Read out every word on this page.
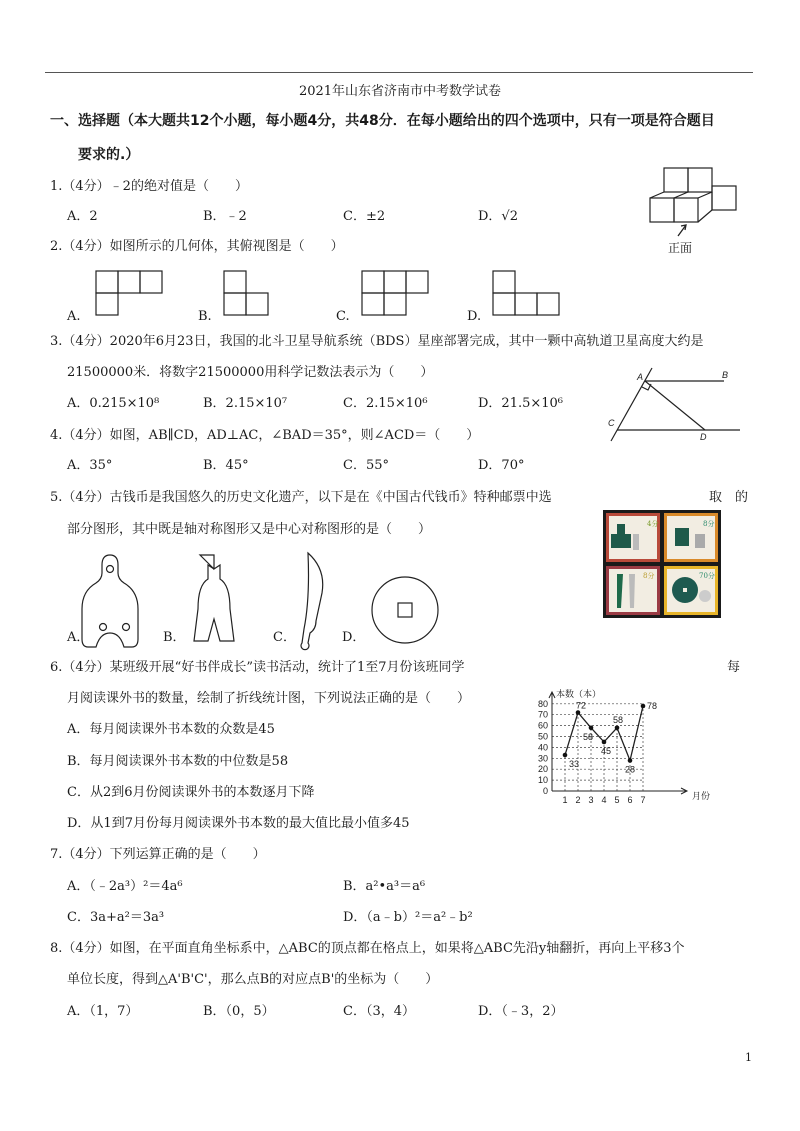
2021年山东省济南市中考数学试卷
一、选择题（本大题共12个小题，每小题4分，共48分．在每小题给出的四个选项中，只有一项是符合题目
要求的.）
1.（4分）﹣2的绝对值是（　　）
A．2	B．﹣2	C．±2	D．√2
正面
2.（4分）如图所示的几何体，其俯视图是（　　）
A.	B.	C.	D.
3.（4分）2020年6月23日，我国的北斗卫星导航系统（BDS）星座部署完成，其中一颗中高轨道卫星高度大约是
21500000米．将数字21500000用科学记数法表示为（　　）
A．0.215×10⁸	B．2.15×10⁷	C．2.15×10⁶	D．21.5×10⁶
A	B
C
D
4.（4分）如图，AB∥CD，AD⊥AC，∠BAD＝35°，则∠ACD＝（　　）
A．35°	B．45°	C．55°	D．70°
5.（4分）古钱币是我国悠久的历史文化遗产，以下是在《中国古代钱币》特种邮票中选	取　的
部分图形，其中既是轴对称图形又是中心对称图形的是（　　）	4分	8分
8分	70分
A．	B．	C．	D．
6.（4分）某班级开展“好书伴成长”读书活动，统计了1至7月份该班同学	每
月阅读课外书的数量，绘制了折线统计图，下列说法正确的是（　　）
A．每月阅读课外书本数的众数是45
B．每月阅读课外书本数的中位数是58
C．从2到6月份阅读课外书的本数逐月下降
D．从1到7月份每月阅读课外书本数的最大值比最小值多45
0
10
20
30
40
50
60
70
80
1 2 3 4 5 6 7
本数（本）
月份
33
72
58
45
58
28
78
7.（4分）下列运算正确的是（　　）
A．（﹣2a³）²＝4a⁶	B．a²•a³＝a⁶
C．3a+a²＝3a³	D．（a﹣b）²＝a²﹣b²
8.（4分）如图，在平面直角坐标系中，△ABC的顶点都在格点上，如果将△ABC先沿y轴翻折，再向上平移3个
单位长度，得到△A'B'C'，那么点B的对应点B'的坐标为（　　）
A．（1，7）	B．（0，5）	C．（3，4）	D．（﹣3，2）
1
